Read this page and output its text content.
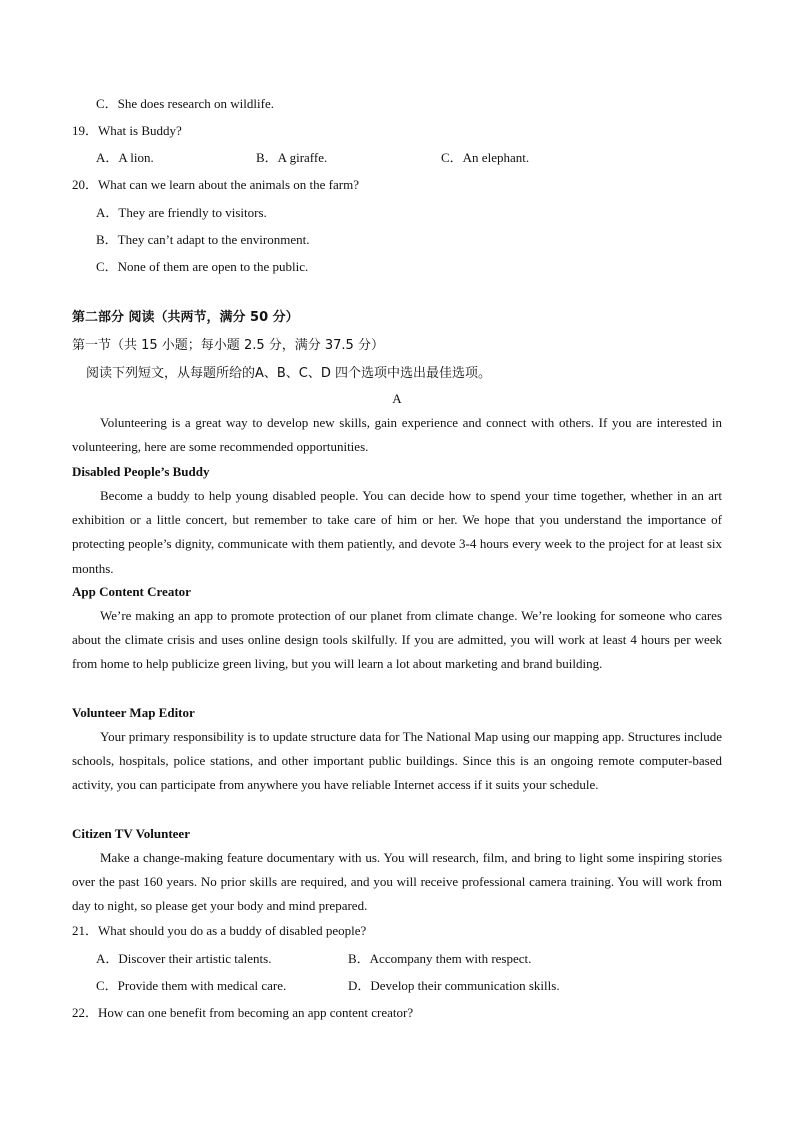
C．She does research on wildlife.
19．What is Buddy?
A．A lion.	B．A giraffe.	C．An elephant.
20．What can we learn about the animals on the farm?
A．They are friendly to visitors.
B．They can’t adapt to the environment.
C．None of them are open to the public.
第二部分 阅读（共两节，满分 50 分）
第一节（共 15 小题；每小题 2.5 分，满分 37.5 分）
阅读下列短文，从每题所给的A、B、C、D 四个选项中选出最佳选项。
A

Volunteering is a great way to develop new skills, gain experience and connect with others. If you are interested in volunteering, here are some recommended opportunities.

Disabled People’s Buddy

Become a buddy to help young disabled people. You can decide how to spend your time together, whether in an art exhibition or a little concert, but remember to take care of him or her. We hope that you understand the importance of protecting people’s dignity, communicate with them patiently, and devote 3-4 hours every week to the project for at least six months.

App Content Creator

We’re making an app to promote protection of our planet from climate change. We’re looking for someone who cares about the climate crisis and uses online design tools skilfully. If you are admitted, you will work at least 4 hours per week from home to help publicize green living, but you will learn a lot about marketing and brand building.

Volunteer Map Editor

Your primary responsibility is to update structure data for The National Map using our mapping app. Structures include schools, hospitals, police stations, and other important public buildings. Since this is an ongoing remote computer-based activity, you can participate from anywhere you have reliable Internet access if it suits your schedule.

Citizen TV Volunteer

Make a change-making feature documentary with us. You will research, film, and bring to light some inspiring stories over the past 160 years. No prior skills are required, and you will receive professional camera training. You will work from day to night, so please get your body and mind prepared.

21．What should you do as a buddy of disabled people?
A．Discover their artistic talents.	B．Accompany them with respect.
C．Provide them with medical care.	D．Develop their communication skills.
22．How can one benefit from becoming an app content creator?
